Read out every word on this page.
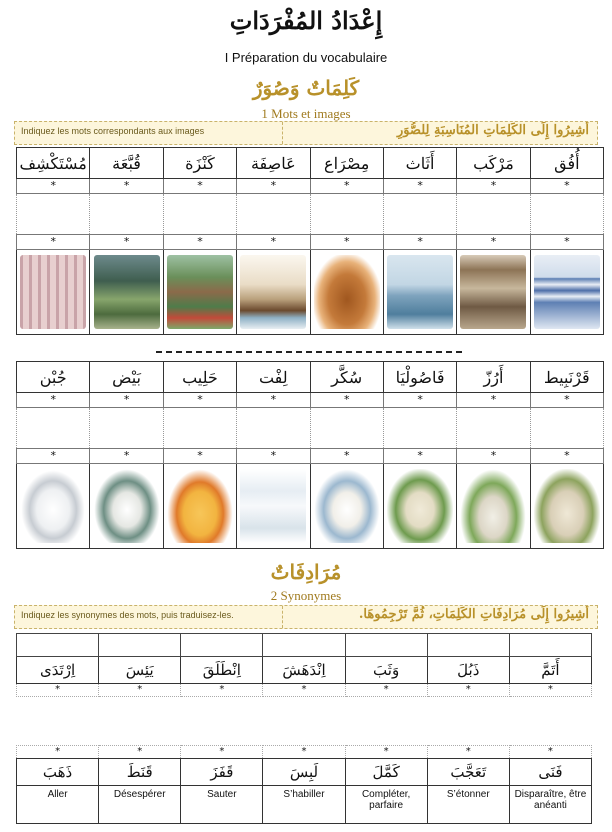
إِعْدَادُ المُفْرَدَاتِ
I Préparation du vocabulaire
كَلِمَاتٌ وَصُوَرٌ
1 Mots et images
Indiquez les mots correspondants aux images	أَشِيرُوا إِلَى الكَلِمَاتِ المُنَاسِبَةِ لِلصُّوَرِ
مُسْتَكْشِف	قُبَّعَة	كَنْزَة	عَاصِفَة	مِصْرَاع	أَثَاث	مَرْكَب	أُفُق
*	*	*	*	*	*	*	*

*	*	*	*	*	*	*	*

جُبْن	بَيْض	حَلِيب	لِفْت	سُكَّر	فَاصُولْيَا	أَرُزّ	قَرْنَبِيط
*	*	*	*	*	*	*	*

*	*	*	*	*	*	*	*

مُرَادِفَاتٌ
2 Synonymes
Indiquez les synonymes des mots, puis traduisez-les.	أَشِيرُوا إِلَى مُرَادِفَاتِ الكَلِمَاتِ، ثُمَّ تَرْجِمُوهَا.

اِرْتَدَى	يَئِسَ	اِنْطَلَقَ	اِنْدَهَشَ	وَثَبَ	ذَبُلَ	أَتَمَّ
*	*	*	*	*	*	*
*	*	*	*	*	*	*
ذَهَبَ	قَنَطَ	قَفَزَ	لَبِسَ	كَمَّلَ	تَعَجَّبَ	فَنَى
Aller	Désespérer	Sauter	S’habiller	Compléter, parfaire	S’étonner	Disparaître, être anéanti
